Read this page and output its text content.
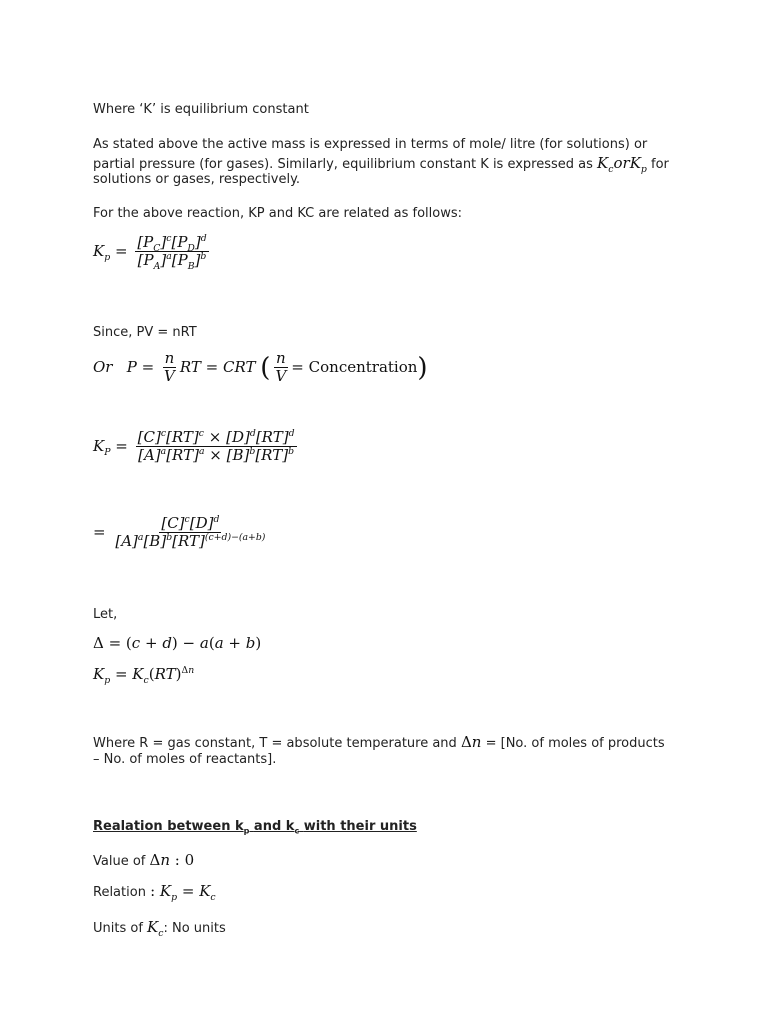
Where ‘K’ is equilibrium constant
As stated above the active mass is expressed in terms of mole/ litre (for solutions) or
partial pressure (for gases). Similarly, equilibrium constant K is expressed as $K_corK_p$ for
solutions or gases, respectively.
For the above reaction, KP and KC are related as follows:
$K_p = \frac{[P_C]^c[P_D]^d}{[P_A]^a[P_B]^b}$
Since, PV = nRT
Or   $P = \frac{n}{V}$ RT = CRT ( $\frac{n}{V}$ = Concentration)
$K_P = \frac{[C]^c[RT]^c \times [D]^d[RT]^d}{[A]^a[RT]^a \times [B]^b[RT]^b}$
= $\frac{[C]^c[D]^d}{[A]^a[B]^b[RT]^{(c+d)-(a+b)}}$
Let,
Δ = (c + d) − a(a + b)
$K_p = K_c(RT)^{\Delta n}$
Where R = gas constant, T = absolute temperature and Δn = [No. of moles of products
– No. of moles of reactants].
Realation between $k_p$ and $k_c$ with their units
Value of Δn : 0
Relation : $K_p = K_c$
Units of $K_c$: No units
